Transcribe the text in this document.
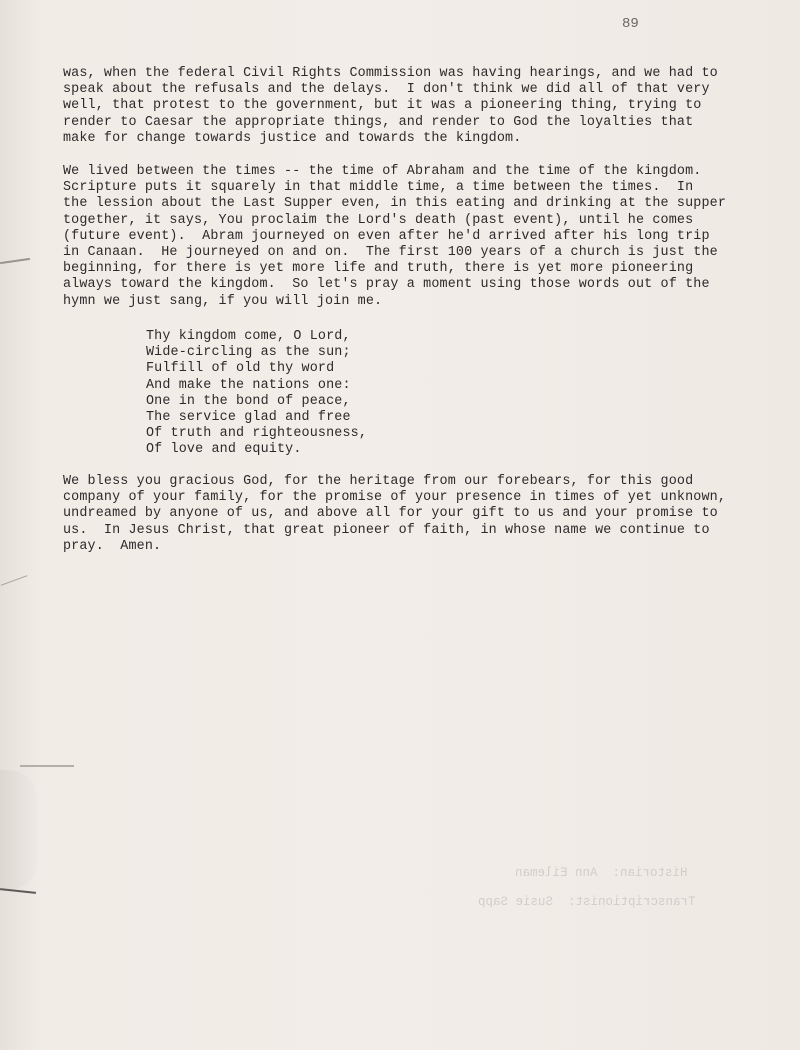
89
was, when the federal Civil Rights Commission was having hearings, and we had to
speak about the refusals and the delays.  I don't think we did all of that very
well, that protest to the government, but it was a pioneering thing, trying to
render to Caesar the appropriate things, and render to God the loyalties that
make for change towards justice and towards the kingdom.
We lived between the times -- the time of Abraham and the time of the kingdom.
Scripture puts it squarely in that middle time, a time between the times.  In
the lession about the Last Supper even, in this eating and drinking at the supper
together, it says, You proclaim the Lord's death (past event), until he comes
(future event).  Abram journeyed on even after he'd arrived after his long trip
in Canaan.  He journeyed on and on.  The first 100 years of a church is just the
beginning, for there is yet more life and truth, there is yet more pioneering
always toward the kingdom.  So let's pray a moment using those words out of the
hymn we just sang, if you will join me.
Thy kingdom come, O Lord,
Wide-circling as the sun;
Fulfill of old thy word
And make the nations one:
One in the bond of peace,
The service glad and free
Of truth and righteousness,
Of love and equity.
We bless you gracious God, for the heritage from our forebears, for this good
company of your family, for the promise of your presence in times of yet unknown,
undreamed by anyone of us, and above all for your gift to us and your promise to
us.  In Jesus Christ, that great pioneer of faith, in whose name we continue to
pray.  Amen.
Historian:  Ann Eileman
Transcriptionist:  Susie Sapp
